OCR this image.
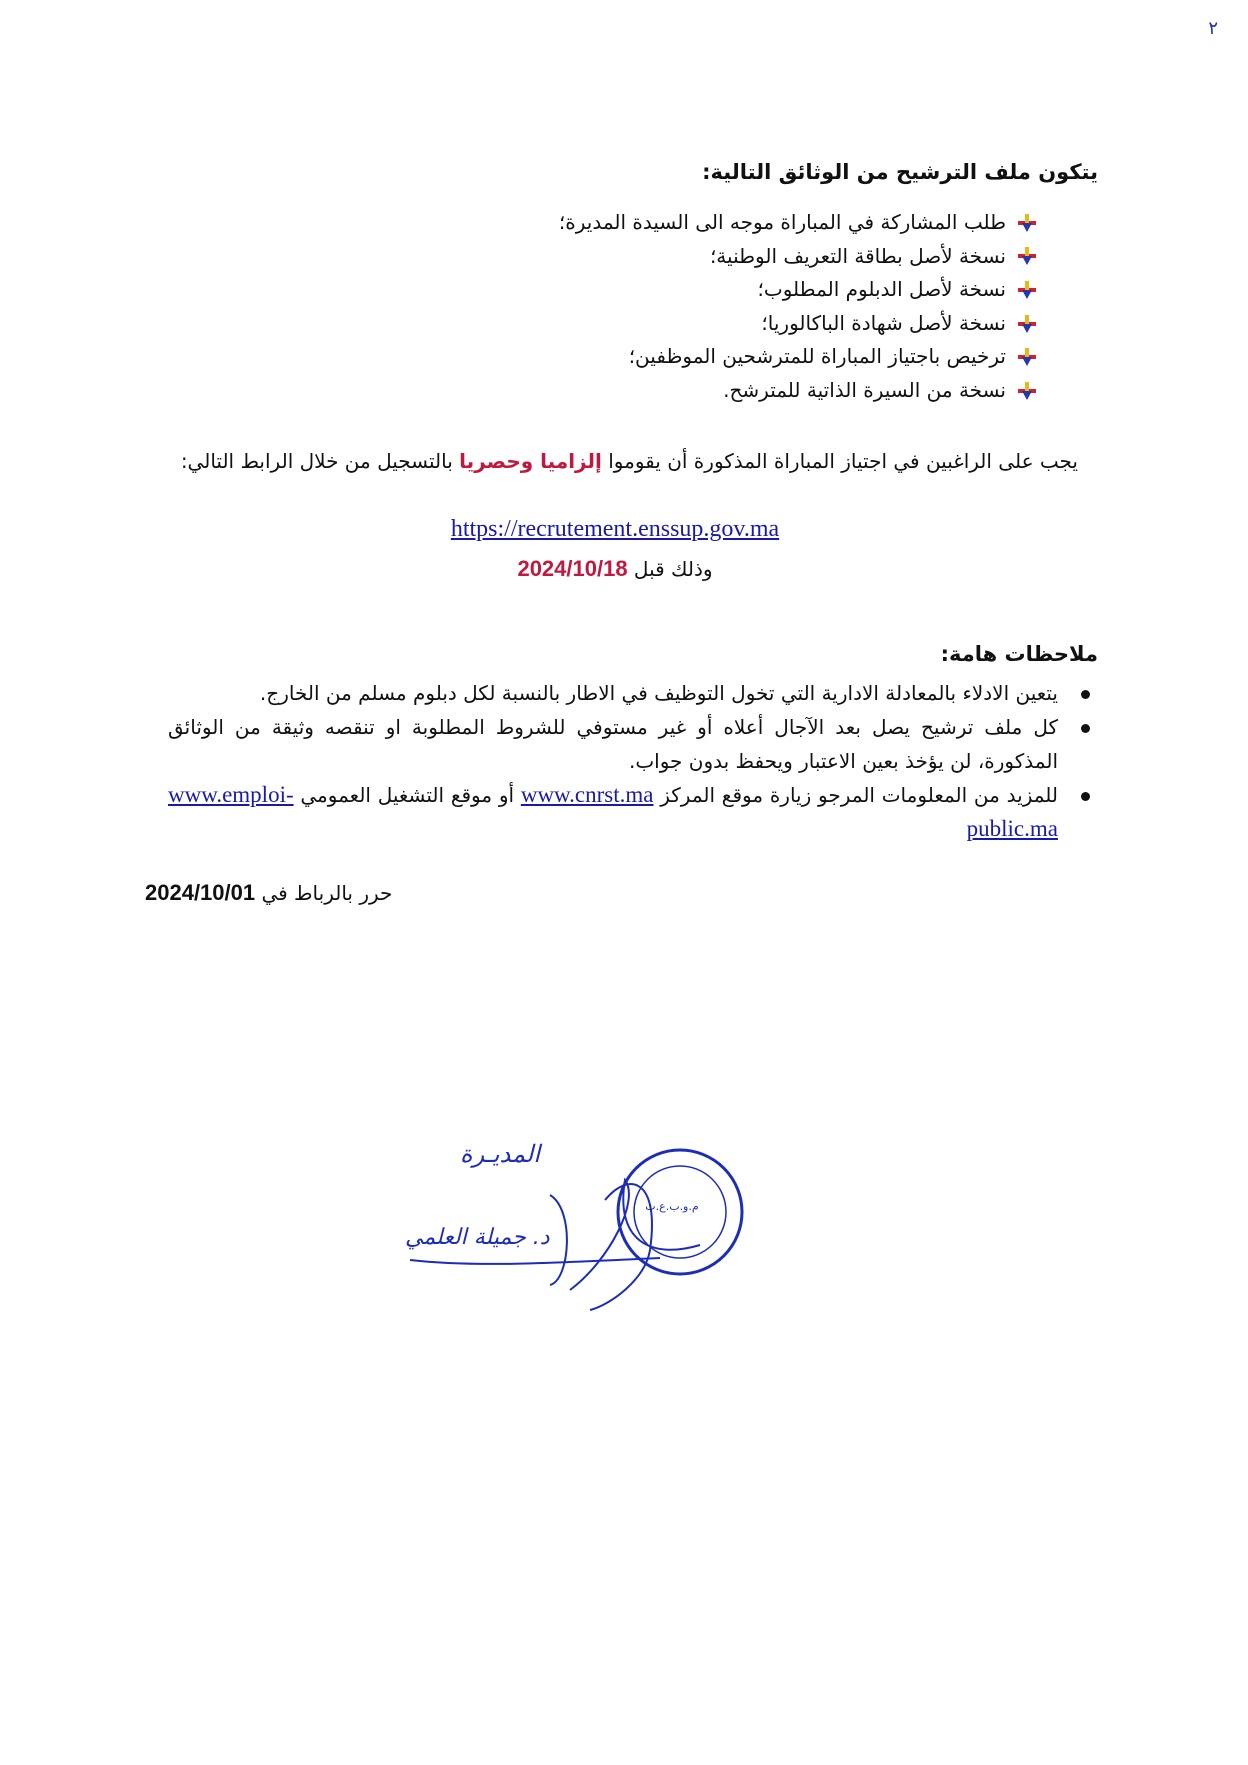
٢
يتكون ملف الترشيح من الوثائق التالية:
طلب المشاركة في المباراة موجه الى السيدة المديرة؛
نسخة لأصل بطاقة التعريف الوطنية؛
نسخة لأصل الدبلوم المطلوب؛
نسخة لأصل شهادة الباكالوريا؛
ترخيص باجتياز المباراة للمترشحين الموظفين؛
نسخة من السيرة الذاتية للمترشح.
يجب على الراغبين في اجتياز المباراة المذكورة أن يقوموا إلزاميا وحصريا بالتسجيل من خلال الرابط التالي:
https://recrutement.enssup.gov.ma
وذلك قبل 2024/10/18
ملاحظات هامة:
يتعين الادلاء بالمعادلة الادارية التي تخول التوظيف في الاطار بالنسبة لكل دبلوم مسلم من الخارج.
كل ملف ترشيح يصل بعد الآجال أعلاه أو غير مستوفي للشروط المطلوبة او تنقصه وثيقة من الوثائق المذكورة، لن يؤخذ بعين الاعتبار ويحفظ بدون جواب.
للمزيد من المعلومات المرجو زيارة موقع المركز www.cnrst.ma أو موقع التشغيل العمومي www.emploi-public.ma
حرر بالرباط في 2024/10/01
المديـرة
د. جميلة العلمي
م.و.ب.ع.ت
